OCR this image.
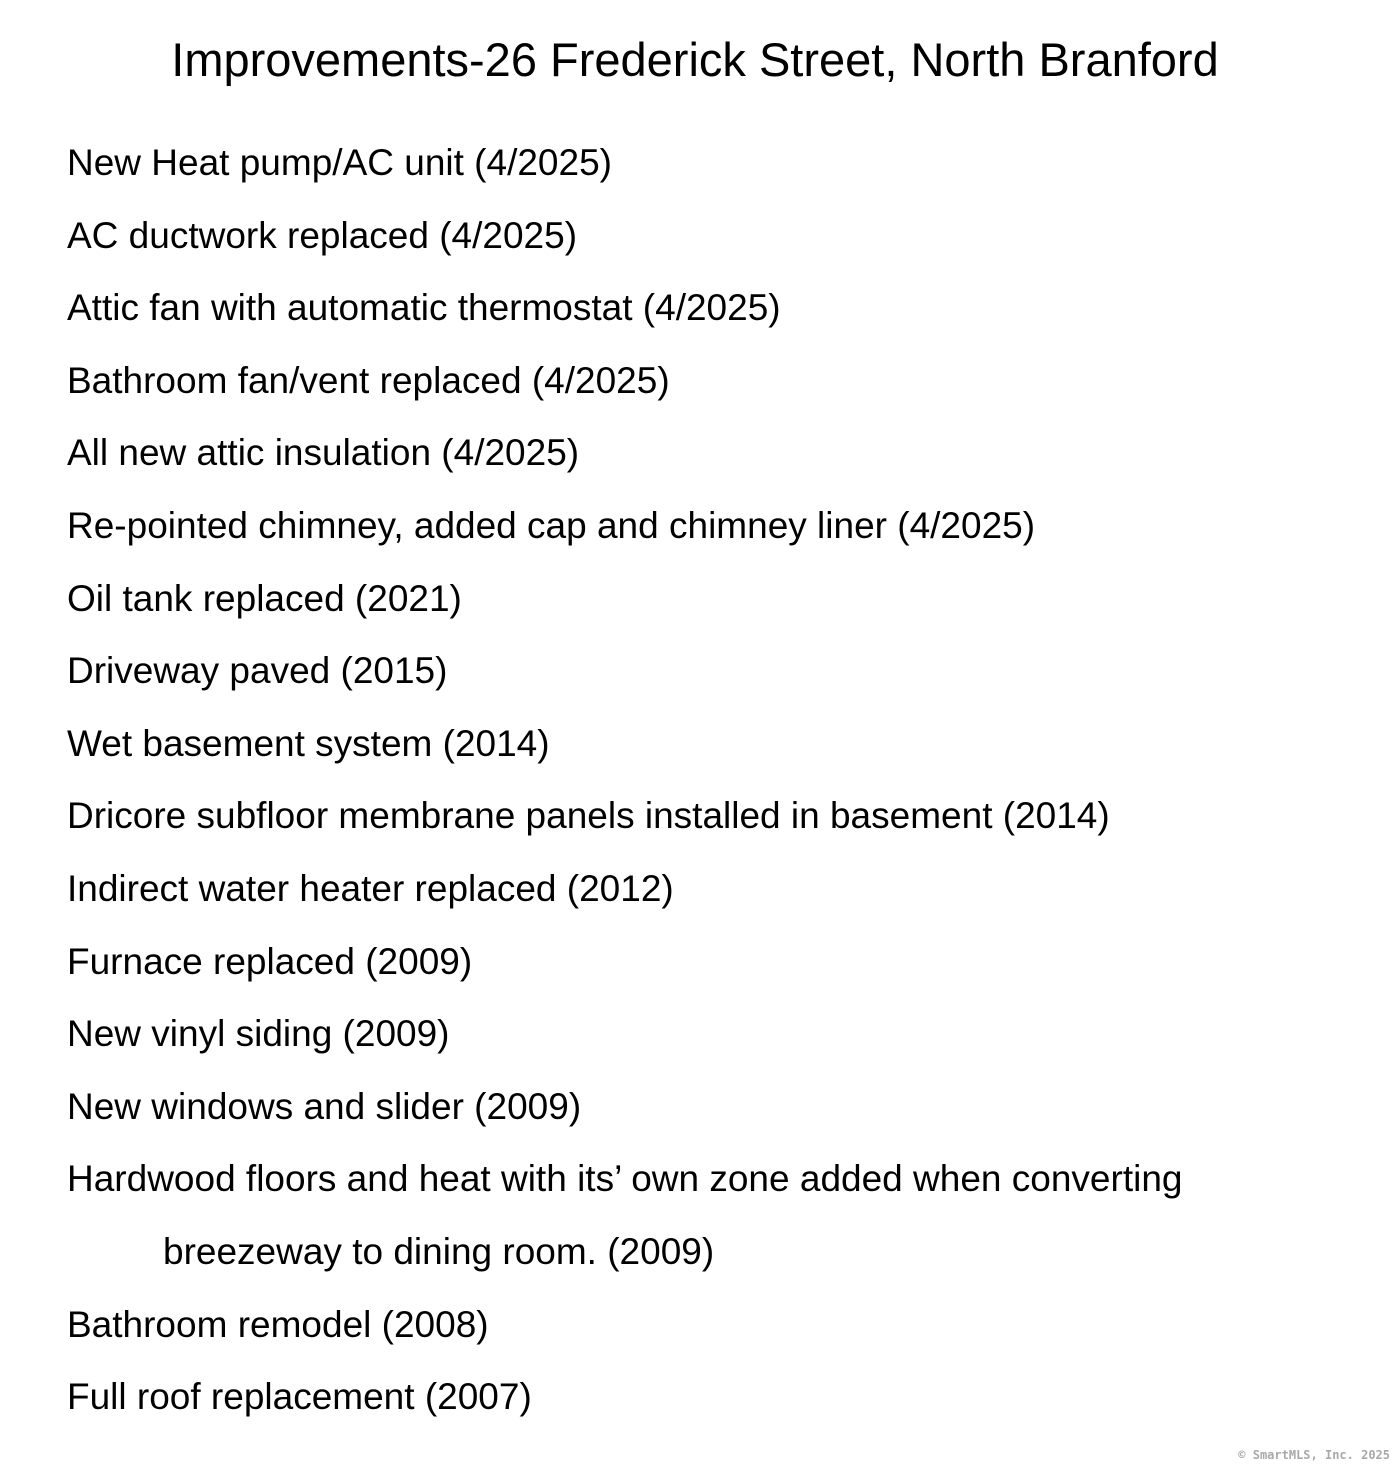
Improvements-26 Frederick Street, North Branford
New Heat pump/AC unit (4/2025)
AC ductwork replaced (4/2025)
Attic fan with automatic thermostat (4/2025)
Bathroom fan/vent replaced (4/2025)
All new attic insulation (4/2025)
Re-pointed chimney, added cap and chimney liner (4/2025)
Oil tank replaced (2021)
Driveway paved (2015)
Wet basement system (2014)
Dricore subfloor membrane panels installed in basement (2014)
Indirect water heater replaced (2012)
Furnace replaced (2009)
New vinyl siding (2009)
New windows and slider (2009)
Hardwood floors and heat with its’ own zone added when converting
breezeway to dining room. (2009)
Bathroom remodel (2008)
Full roof replacement (2007)
© SmartMLS, Inc. 2025
